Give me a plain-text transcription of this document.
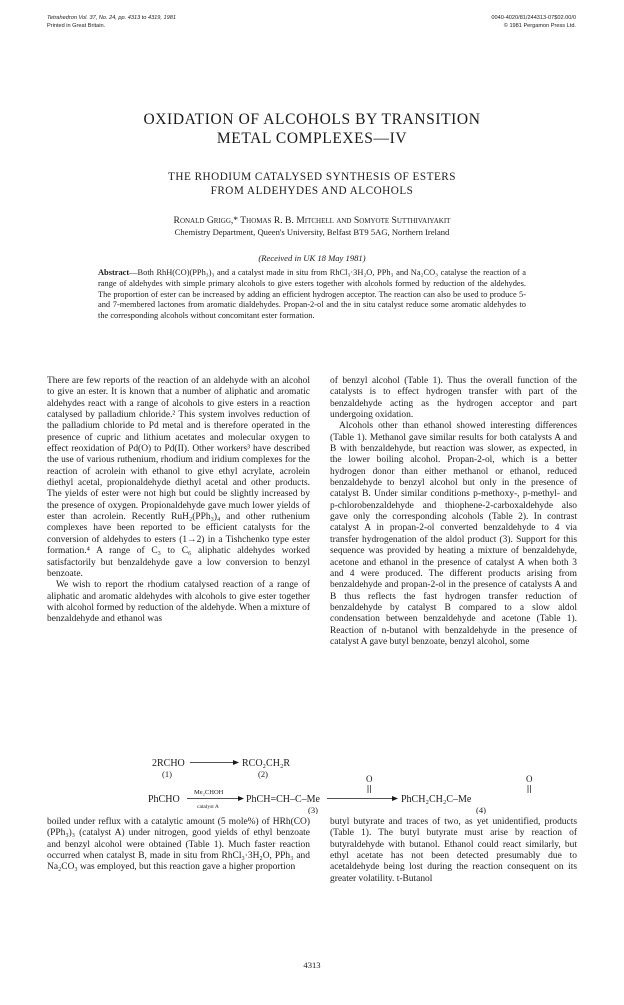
Tetrahedron Vol. 37, No. 24, pp. 4313 to 4319, 1981
Printed in Great Britain.
0040-4020/81/244313-07$02.00/0
© 1981 Pergamon Press Ltd.
OXIDATION OF ALCOHOLS BY TRANSITION
METAL COMPLEXES—IV
THE RHODIUM CATALYSED SYNTHESIS OF ESTERS
FROM ALDEHYDES AND ALCOHOLS
Ronald Grigg,* Thomas R. B. Mitchell and Somyote Sutthivaiyakit
Chemistry Department, Queen's University, Belfast BT9 5AG, Northern Ireland
(Received in UK 18 May 1981)
Abstract—Both RhH(CO)(PPh₃)₃ and a catalyst made in situ from RhCl₃·3H₂O, PPh₃ and Na₂CO₃ catalyse the reaction of a range of aldehydes with simple primary alcohols to give esters together with alcohols formed by reduction of the aldehydes. The proportion of ester can be increased by adding an efficient hydrogen acceptor. The reaction can also be used to produce 5- and 7-membered lactones from aromatic dialdehydes. Propan-2-ol and the in situ catalyst reduce some aromatic aldehydes to the corresponding alcohols without concomitant ester formation.

There are few reports of the reaction of an aldehyde with an alcohol to give an ester. It is known that a number of aliphatic and aromatic aldehydes react with a range of alcohols to give esters in a reaction catalysed by palladium chloride.² This system involves reduction of the palladium chloride to Pd metal and is therefore operated in the presence of cupric and lithium acetates and molecular oxygen to effect reoxidation of Pd(O) to Pd(II). Other workers³ have described the use of various ruthenium, rhodium and iridium complexes for the reaction of acrolein with ethanol to give ethyl acrylate, acrolein diethyl acetal, propionaldehyde diethyl acetal and other products. The yields of ester were not high but could be slightly increased by the presence of oxygen. Propionaldehyde gave much lower yields of ester than acrolein. Recently RuH₂(PPh₃)₄ and other ruthenium complexes have been reported to be efficient catalysts for the conversion of aldehydes to esters (1→2) in a Tishchenko type ester formation.⁴ A range of C₃ to C₆ aliphatic aldehydes worked satisfactorily but benzaldehyde gave a low conversion to benzyl benzoate.

We wish to report the rhodium catalysed reaction of a range of aliphatic and aromatic aldehydes with alcohols to give ester together with alcohol formed by reduction of the aldehyde. When a mixture of benzaldehyde and ethanol was

of benzyl alcohol (Table 1). Thus the overall function of the catalysts is to effect hydrogen transfer with part of the benzaldehyde acting as the hydrogen acceptor and part undergoing oxidation.

Alcohols other than ethanol showed interesting differences (Table 1). Methanol gave similar results for both catalysts A and B with benzaldehyde, but reaction was slower, as expected, in the lower boiling alcohol. Propan-2-ol, which is a better hydrogen donor than either methanol or ethanol, reduced benzaldehyde to benzyl alcohol but only in the presence of catalyst B. Under similar conditions p-methoxy-, p-methyl- and p-chlorobenzaldehyde and thiophene-2-carboxaldehyde also gave only the corresponding alcohols (Table 2). In contrast catalyst A in propan-2-ol converted benzaldehyde to 4 via transfer hydrogenation of the aldol product (3). Support for this sequence was provided by heating a mixture of benzaldehyde, acetone and ethanol in the presence of catalyst A when both 3 and 4 were produced. The different products arising from benzaldehyde and propan-2-ol in the presence of catalysts A and B thus reflects the fast hydrogen transfer reduction of benzaldehyde by catalyst B compared to a slow aldol condensation between benzaldehyde and acetone (Table 1). Reaction of n-butanol with benzaldehyde in the presence of catalyst A gave butyl benzoate, benzyl alcohol, some

2RCHO	RCO₂CH₂R
(1)	(2)	O	O
PhCHO
Me₂CHOH
catalyst A
PhCH=CH–C–Me	PhCH₂CH₂C–Me
(3)	(4)

boiled under reflux with a catalytic amount (5 mole%) of HRh(CO)(PPh₃)₃ (catalyst A) under nitrogen, good yields of ethyl benzoate and benzyl alcohol were obtained (Table 1). Much faster reaction occurred when catalyst B, made in situ from RhCl₃·3H₂O, PPh₃ and Na₂CO₃ was employed, but this reaction gave a higher proportion

butyl butyrate and traces of two, as yet unidentified, products (Table 1). The butyl butyrate must arise by reaction of butyraldehyde with butanol. Ethanol could react similarly, but ethyl acetate has not been detected presumably due to acetaldehyde being lost during the reaction consequent on its greater volatility. t-Butanol

4313
